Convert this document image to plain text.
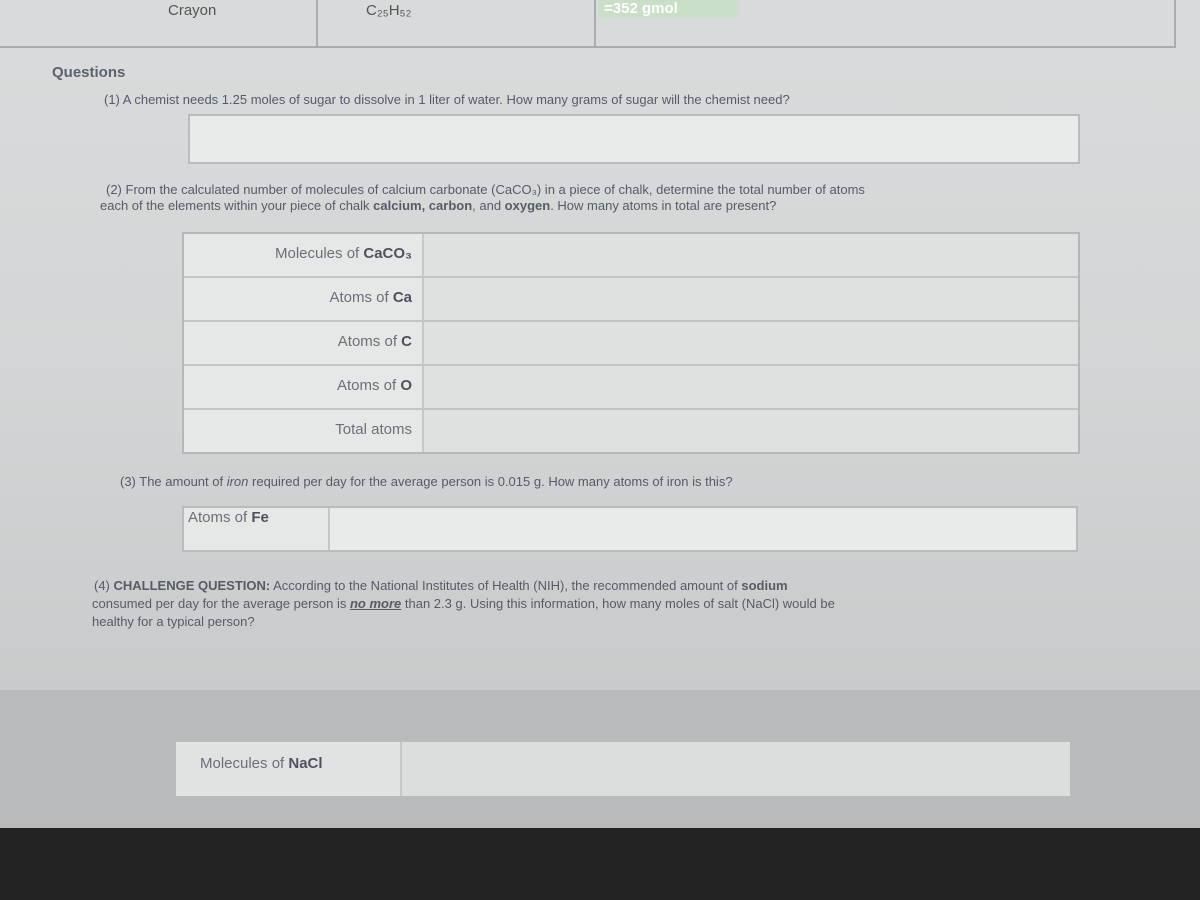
Crayon	C₂₅H₅₂	=352 gmol
Questions
(1) A chemist needs 1.25 moles of sugar to dissolve in 1 liter of water. How many grams of sugar will the chemist need?
(2) From the calculated number of molecules of calcium carbonate (CaCO₃) in a piece of chalk, determine the total number of atoms
each of the elements within your piece of chalk calcium, carbon, and oxygen. How many atoms in total are present?
Molecules of CaCO₃
Atoms of Ca
Atoms of C
Atoms of O
Total atoms
(3) The amount of iron required per day for the average person is 0.015 g. How many atoms of iron is this?
Atoms of Fe
(4) CHALLENGE QUESTION: According to the National Institutes of Health (NIH), the recommended amount of sodium
consumed per day for the average person is no more than 2.3 g. Using this information, how many moles of salt (NaCl) would be
healthy for a typical person?
Molecules of NaCl
